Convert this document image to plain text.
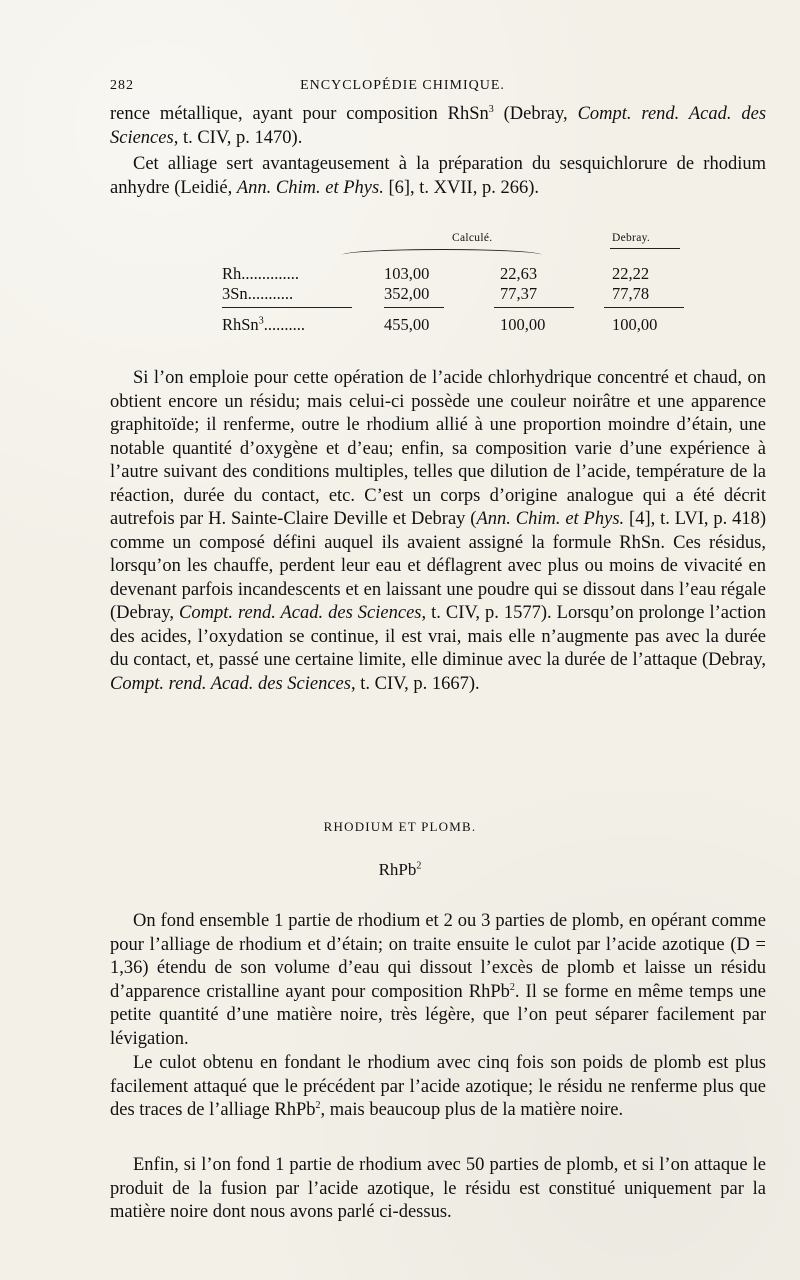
282	ENCYCLOPÉDIE CHIMIQUE.

rence métallique, ayant pour composition RhSn$^3$ (Debray, Compt. rend. Acad. des Sciences, t. CIV, p. 1470).

Cet alliage sert avantageusement à la préparation du sesquichlorure de rhodium anhydre (Leidié, Ann. Chim. et Phys. [6], t. XVII, p. 266).

Calculé.	Debray.
Rh..............	103,00	22,63	22,22
3Sn...........	352,00	77,37	77,78
RhSn$^3$..........	455,00	100,00	100,00

Si l’on emploie pour cette opération de l’acide chlorhydrique concentré et chaud, on obtient encore un résidu; mais celui-ci possède une couleur noirâtre et une apparence graphitoïde; il renferme, outre le rhodium allié à une proportion moindre d’étain, une notable quantité d’oxygène et d’eau; enfin, sa composition varie d’une expérience à l’autre suivant des conditions multiples, telles que dilution de l’acide, température de la réaction, durée du contact, etc. C’est un corps d’origine analogue qui a été décrit autrefois par H. Sainte-Claire Deville et Debray (Ann. Chim. et Phys. [4], t. LVI, p. 418) comme un composé défini auquel ils avaient assigné la formule RhSn. Ces résidus, lorsqu’on les chauffe, perdent leur eau et déflagrent avec plus ou moins de vivacité en devenant parfois incandescents et en laissant une poudre qui se dissout dans l’eau régale (Debray, Compt. rend. Acad. des Sciences, t. CIV, p. 1577). Lorsqu’on prolonge l’action des acides, l’oxydation se continue, il est vrai, mais elle n’augmente pas avec la durée du contact, et, passé une certaine limite, elle diminue avec la durée de l’attaque (Debray, Compt. rend. Acad. des Sciences, t. CIV, p. 1667).

RHODIUM ET PLOMB.
RhPb$^2$

On fond ensemble 1 partie de rhodium et 2 ou 3 parties de plomb, en opérant comme pour l’alliage de rhodium et d’étain; on traite ensuite le culot par l’acide azotique (D = 1,36) étendu de son volume d’eau qui dissout l’excès de plomb et laisse un résidu d’apparence cristalline ayant pour composition RhPb$^2$. Il se forme en même temps une petite quantité d’une matière noire, très légère, que l’on peut séparer facilement par lévigation.

Le culot obtenu en fondant le rhodium avec cinq fois son poids de plomb est plus facilement attaqué que le précédent par l’acide azotique; le résidu ne renferme plus que des traces de l’alliage RhPb$^2$, mais beaucoup plus de la matière noire.

Enfin, si l’on fond 1 partie de rhodium avec 50 parties de plomb, et si l’on attaque le produit de la fusion par l’acide azotique, le résidu est constitué uniquement par la matière noire dont nous avons parlé ci-dessus.
